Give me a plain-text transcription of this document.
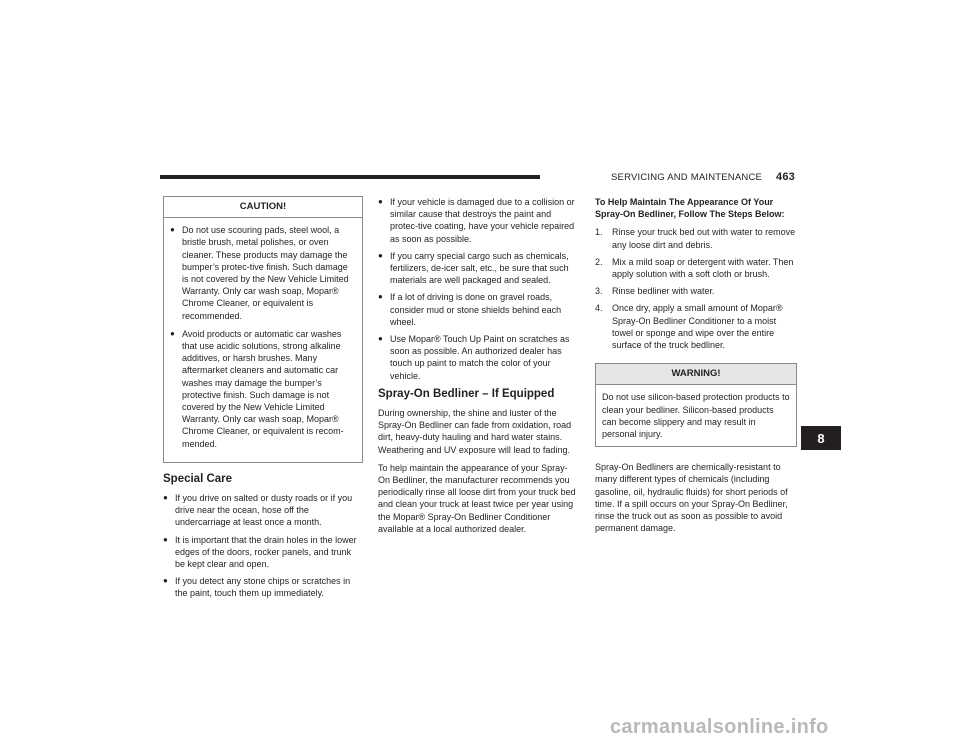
SERVICING AND MAINTENANCE 463
CAUTION!
● Do not use scouring pads, steel wool, a bristle brush, metal polishes, or oven cleaner. These products may damage the bumper’s protec-tive finish. Such damage is not covered by the New Vehicle Limited Warranty. Only car wash soap, Mopar® Chrome Cleaner, or equivalent is recommended.
● Avoid products or automatic car washes that use acidic solutions, strong alkaline additives, or harsh brushes. Many aftermarket cleaners and automatic car washes may damage the bumper’s protective finish. Such damage is not covered by the New Vehicle Limited Warranty. Only car wash soap, Mopar® Chrome Cleaner, or equivalent is recom-mended.
Special Care
● If you drive on salted or dusty roads or if you drive near the ocean, hose off the undercarriage at least once a month.
● It is important that the drain holes in the lower edges of the doors, rocker panels, and trunk be kept clear and open.
● If you detect any stone chips or scratches in the paint, touch them up immediately.
● If your vehicle is damaged due to a collision or similar cause that destroys the paint and protec-tive coating, have your vehicle repaired as soon as possible.
● If you carry special cargo such as chemicals, fertilizers, de-icer salt, etc., be sure that such materials are well packaged and sealed.
● If a lot of driving is done on gravel roads, consider mud or stone shields behind each wheel.
● Use Mopar® Touch Up Paint on scratches as soon as possible. An authorized dealer has touch up paint to match the color of your vehicle.
Spray-On Bedliner – If Equipped

During ownership, the shine and luster of the Spray-On Bedliner can fade from oxidation, road dirt, heavy-duty hauling and hard water stains. Weathering and UV exposure will lead to fading.

To help maintain the appearance of your Spray-On Bedliner, the manufacturer recommends you periodically rinse all loose dirt from your truck bed and clean your truck at least twice per year using the Mopar® Spray-On Bedliner Conditioner available at a local authorized dealer.

To Help Maintain The Appearance Of Your Spray-On Bedliner, Follow The Steps Below:

1. Rinse your truck bed out with water to remove any loose dirt and debris.
2. Mix a mild soap or detergent with water. Then apply solution with a soft cloth or brush.
3. Rinse bedliner with water.
4. Once dry, apply a small amount of Mopar® Spray-On Bedliner Conditioner to a moist towel or sponge and wipe over the entire surface of the truck bedliner.
WARNING!

Do not use silicon-based protection products to clean your bedliner. Silicon-based products can become slippery and may result in personal injury.

Spray-On Bedliners are chemically-resistant to many different types of chemicals (including gasoline, oil, hydraulic fluids) for short periods of time. If a spill occurs on your Spray-On Bedliner, rinse the truck out as soon as possible to avoid permanent damage.

8
carmanualsonline.info
